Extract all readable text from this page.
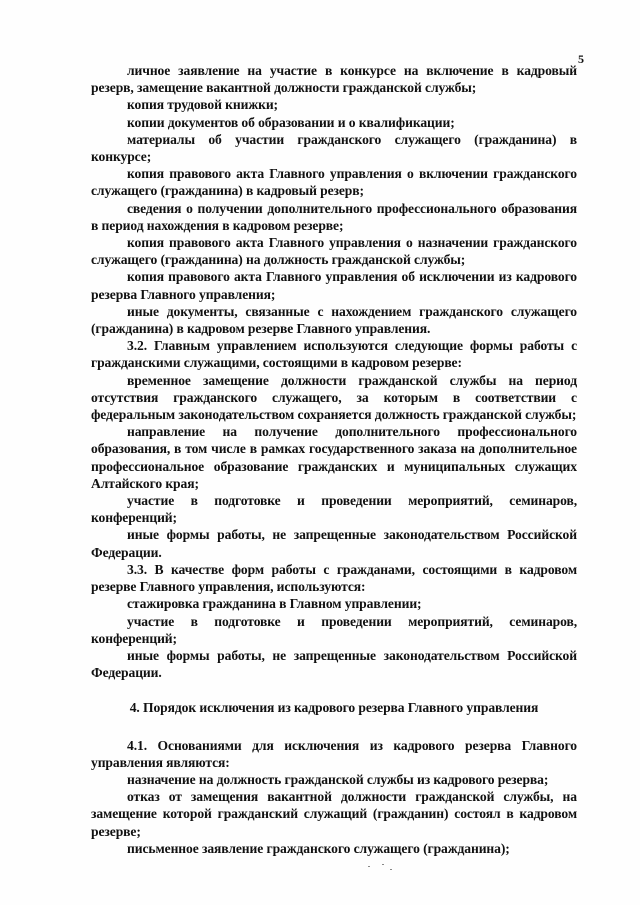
5

личное заявление на участие в конкурсе на включение в кадровый резерв, замещение вакантной должности гражданской службы;

копия трудовой книжки;

копии документов об образовании и о квалификации;

материалы об участии гражданского служащего (гражданина) в конкурсе;

копия правового акта Главного управления о включении гражданского служащего (гражданина) в кадровый резерв;

сведения о получении дополнительного профессионального образования в период нахождения в кадровом резерве;

копия правового акта Главного управления о назначении гражданского служащего (гражданина) на должность гражданской службы;

копия правового акта Главного управления об исключении из кадрового резерва Главного управления;

иные документы, связанные с нахождением гражданского служащего (гражданина) в кадровом резерве Главного управления.

3.2. Главным управлением используются следующие формы работы с гражданскими служащими, состоящими в кадровом резерве:

временное замещение должности гражданской службы на период отсутствия гражданского служащего, за которым в соответствии с федеральным законодательством сохраняется должность гражданской службы;

направление на получение дополнительного профессионального образования, в том числе в рамках государственного заказа на дополнительное профессиональное образование гражданских и муниципальных служащих Алтайского края;

участие в подготовке и проведении мероприятий, семинаров, конференций;

иные формы работы, не запрещенные законодательством Российской Федерации.

3.3. В качестве форм работы с гражданами, состоящими в кадровом резерве Главного управления, используются:

стажировка гражданина в Главном управлении;

участие в подготовке и проведении мероприятий, семинаров, конференций;

иные формы работы, не запрещенные законодательством Российской Федерации.

4. Порядок исключения из кадрового резерва Главного управления

4.1. Основаниями для исключения из кадрового резерва Главного управления являются:

назначение на должность гражданской службы из кадрового резерва;

отказ от замещения вакантной должности гражданской службы, на замещение которой гражданский служащий (гражданин) состоял в кадровом резерве;

письменное заявление гражданского служащего (гражданина);
